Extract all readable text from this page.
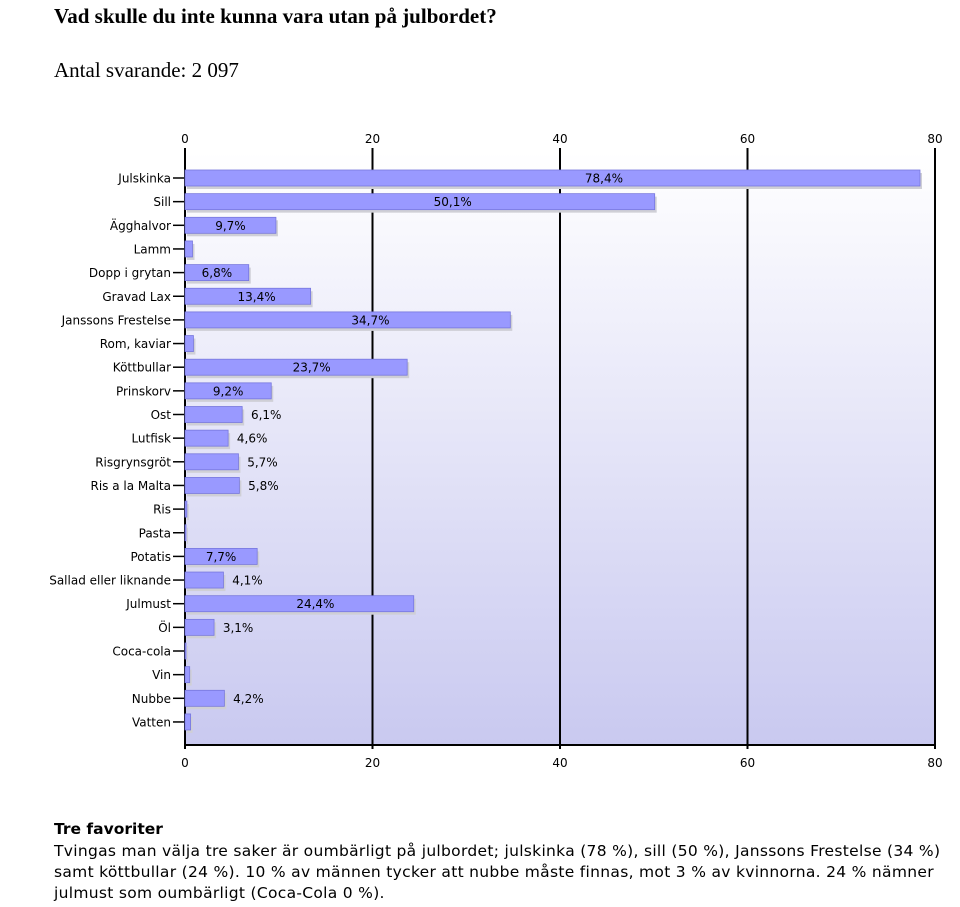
Vad skulle du inte kunna vara utan på julbordet?
Antal svarande: 2 097
0
0
20
20
40
40
60
60
80
80
Julskinka	78,4%
Sill	50,1%
Ägghalvor	9,7%
Lamm
Dopp i grytan	6,8%
Gravad Lax	13,4%
Janssons Frestelse	34,7%
Rom, kaviar
Köttbullar	23,7%
Prinskorv	9,2%
Ost	6,1%
Lutfisk	4,6%
Risgrynsgröt	5,7%
Ris a la Malta	5,8%
Ris
Pasta
Potatis	7,7%
Sallad eller liknande	4,1%
Julmust	24,4%
Öl	3,1%
Coca-cola
Vin
Nubbe	4,2%
Vatten
Tre favoriter
Tvingas man välja tre saker är oumbärligt på julbordet; julskinka (78 %), sill (50 %), Janssons Frestelse (34 %) samt köttbullar (24 %). 10 % av männen tycker att nubbe måste finnas, mot 3 % av kvinnorna. 24 % nämner julmust som oumbärligt (Coca-Cola 0 %).
